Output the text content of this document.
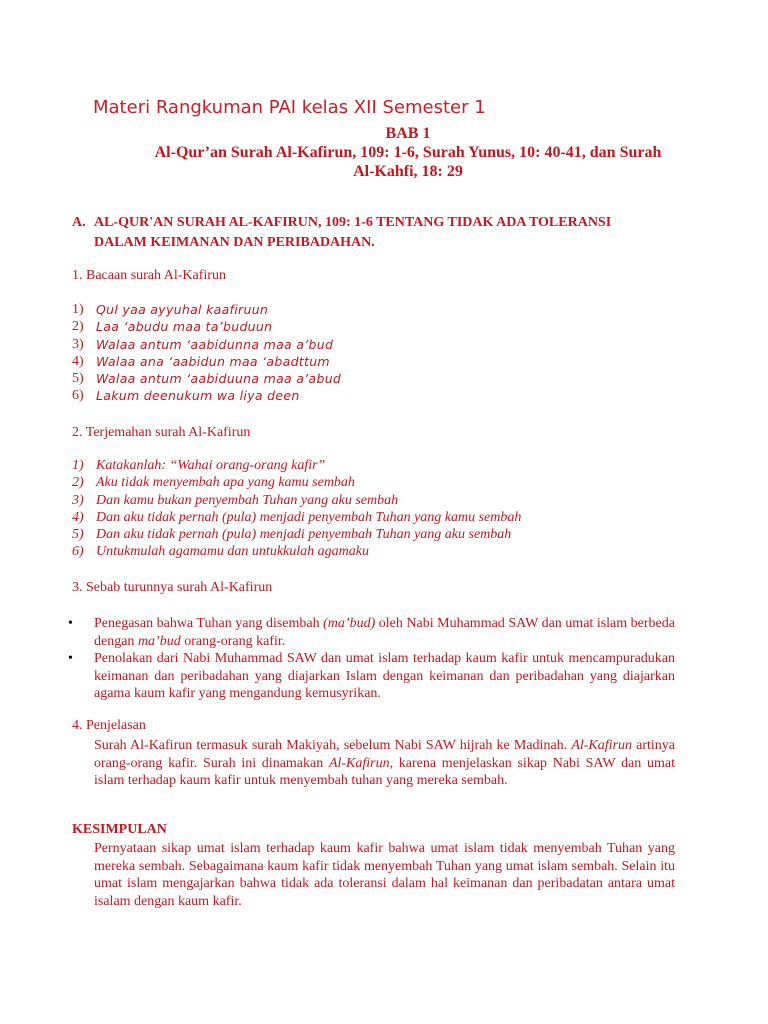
Materi Rangkuman PAI kelas XII Semester 1
BAB 1
Al-Qur’an Surah Al-Kafirun, 109: 1-6, Surah Yunus, 10: 40-41, dan Surah
Al-Kahfi, 18: 29
A. AL-QUR'AN SURAH AL-KAFIRUN, 109: 1-6 TENTANG TIDAK ADA TOLERANSI
DALAM KEIMANAN DAN PERIBADAHAN.
1. Bacaan surah Al-Kafirun
1) Qul yaa ayyuhal kaafiruun
2) Laa ‘abudu maa ta’buduun
3) Walaa antum ‘aabidunna maa a’bud
4) Walaa ana ‘aabidun maa ‘abadttum
5) Walaa antum ‘aabiduuna maa a’abud
6) Lakum deenukum wa liya deen
2. Terjemahan surah Al-Kafirun
1) Katakanlah: “Wahai orang-orang kafir”
2) Aku tidak menyembah apa yang kamu sembah
3) Dan kamu bukan penyembah Tuhan yang aku sembah
4) Dan aku tidak pernah (pula) menjadi penyembah Tuhan yang kamu sembah
5) Dan aku tidak pernah (pula) menjadi penyembah Tuhan yang aku sembah
6) Untukmulah agamamu dan untukkulah agamaku
3. Sebab turunnya surah Al-Kafirun
• Penegasan bahwa Tuhan yang disembah (ma’bud) oleh Nabi Muhammad SAW dan umat islam berbeda dengan ma’bud orang-orang kafir.
• Penolakan dari Nabi Muhammad SAW dan umat islam terhadap kaum kafir untuk mencampuradukan keimanan dan peribadahan yang diajarkan Islam dengan keimanan dan peribadahan yang diajarkan agama kaum kafir yang mengandung kemusyrikan.
4. Penjelasan
Surah Al-Kafirun termasuk surah Makiyah, sebelum Nabi SAW hijrah ke Madinah. Al-Kafirun artinya orang-orang kafir. Surah ini dinamakan Al-Kafirun, karena menjelaskan sikap Nabi SAW dan umat islam terhadap kaum kafir untuk menyembah tuhan yang mereka sembah.
KESIMPULAN
Pernyataan sikap umat islam terhadap kaum kafir bahwa umat islam tidak menyembah Tuhan yang mereka sembah. Sebagaimana kaum kafir tidak menyembah Tuhan yang umat islam sembah. Selain itu umat islam mengajarkan bahwa tidak ada toleransi dalam hal keimanan dan peribadatan antara umat isalam dengan kaum kafir.
